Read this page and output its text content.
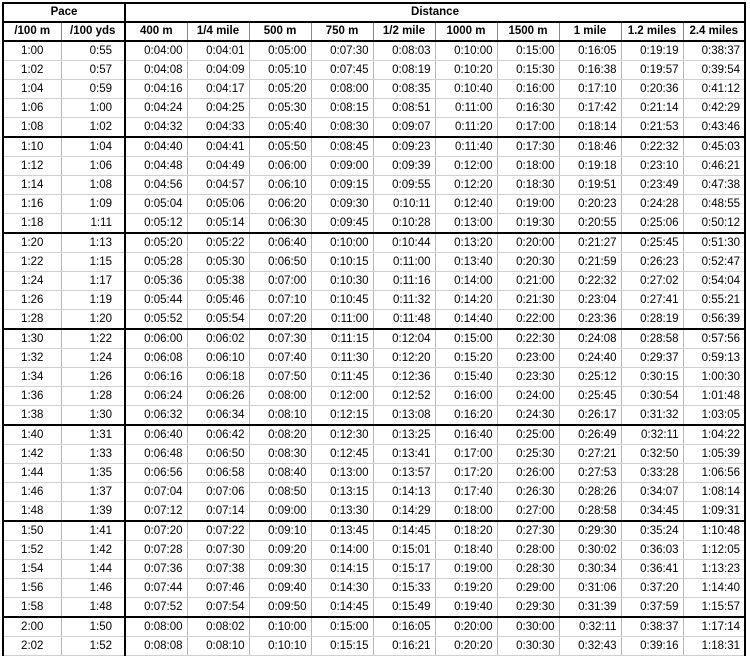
Pace		Distance									
/100 m	/100 yds	400 m	1/4 mile	500 m	750 m	1/2 mile	1000 m	1500 m	1 mile	1.2 miles	2.4 miles
1:00	0:55	0:04:00	0:04:01	0:05:00	0:07:30	0:08:03	0:10:00	0:15:00	0:16:05	0:19:19	0:38:37
1:02	0:57	0:04:08	0:04:09	0:05:10	0:07:45	0:08:19	0:10:20	0:15:30	0:16:38	0:19:57	0:39:54
1:04	0:59	0:04:16	0:04:17	0:05:20	0:08:00	0:08:35	0:10:40	0:16:00	0:17:10	0:20:36	0:41:12
1:06	1:00	0:04:24	0:04:25	0:05:30	0:08:15	0:08:51	0:11:00	0:16:30	0:17:42	0:21:14	0:42:29
1:08	1:02	0:04:32	0:04:33	0:05:40	0:08:30	0:09:07	0:11:20	0:17:00	0:18:14	0:21:53	0:43:46
1:10	1:04	0:04:40	0:04:41	0:05:50	0:08:45	0:09:23	0:11:40	0:17:30	0:18:46	0:22:32	0:45:03
1:12	1:06	0:04:48	0:04:49	0:06:00	0:09:00	0:09:39	0:12:00	0:18:00	0:19:18	0:23:10	0:46:21
1:14	1:08	0:04:56	0:04:57	0:06:10	0:09:15	0:09:55	0:12:20	0:18:30	0:19:51	0:23:49	0:47:38
1:16	1:09	0:05:04	0:05:06	0:06:20	0:09:30	0:10:11	0:12:40	0:19:00	0:20:23	0:24:28	0:48:55
1:18	1:11	0:05:12	0:05:14	0:06:30	0:09:45	0:10:28	0:13:00	0:19:30	0:20:55	0:25:06	0:50:12
1:20	1:13	0:05:20	0:05:22	0:06:40	0:10:00	0:10:44	0:13:20	0:20:00	0:21:27	0:25:45	0:51:30
1:22	1:15	0:05:28	0:05:30	0:06:50	0:10:15	0:11:00	0:13:40	0:20:30	0:21:59	0:26:23	0:52:47
1:24	1:17	0:05:36	0:05:38	0:07:00	0:10:30	0:11:16	0:14:00	0:21:00	0:22:32	0:27:02	0:54:04
1:26	1:19	0:05:44	0:05:46	0:07:10	0:10:45	0:11:32	0:14:20	0:21:30	0:23:04	0:27:41	0:55:21
1:28	1:20	0:05:52	0:05:54	0:07:20	0:11:00	0:11:48	0:14:40	0:22:00	0:23:36	0:28:19	0:56:39
1:30	1:22	0:06:00	0:06:02	0:07:30	0:11:15	0:12:04	0:15:00	0:22:30	0:24:08	0:28:58	0:57:56
1:32	1:24	0:06:08	0:06:10	0:07:40	0:11:30	0:12:20	0:15:20	0:23:00	0:24:40	0:29:37	0:59:13
1:34	1:26	0:06:16	0:06:18	0:07:50	0:11:45	0:12:36	0:15:40	0:23:30	0:25:12	0:30:15	1:00:30
1:36	1:28	0:06:24	0:06:26	0:08:00	0:12:00	0:12:52	0:16:00	0:24:00	0:25:45	0:30:54	1:01:48
1:38	1:30	0:06:32	0:06:34	0:08:10	0:12:15	0:13:08	0:16:20	0:24:30	0:26:17	0:31:32	1:03:05
1:40	1:31	0:06:40	0:06:42	0:08:20	0:12:30	0:13:25	0:16:40	0:25:00	0:26:49	0:32:11	1:04:22
1:42	1:33	0:06:48	0:06:50	0:08:30	0:12:45	0:13:41	0:17:00	0:25:30	0:27:21	0:32:50	1:05:39
1:44	1:35	0:06:56	0:06:58	0:08:40	0:13:00	0:13:57	0:17:20	0:26:00	0:27:53	0:33:28	1:06:56
1:46	1:37	0:07:04	0:07:06	0:08:50	0:13:15	0:14:13	0:17:40	0:26:30	0:28:26	0:34:07	1:08:14
1:48	1:39	0:07:12	0:07:14	0:09:00	0:13:30	0:14:29	0:18:00	0:27:00	0:28:58	0:34:45	1:09:31
1:50	1:41	0:07:20	0:07:22	0:09:10	0:13:45	0:14:45	0:18:20	0:27:30	0:29:30	0:35:24	1:10:48
1:52	1:42	0:07:28	0:07:30	0:09:20	0:14:00	0:15:01	0:18:40	0:28:00	0:30:02	0:36:03	1:12:05
1:54	1:44	0:07:36	0:07:38	0:09:30	0:14:15	0:15:17	0:19:00	0:28:30	0:30:34	0:36:41	1:13:23
1:56	1:46	0:07:44	0:07:46	0:09:40	0:14:30	0:15:33	0:19:20	0:29:00	0:31:06	0:37:20	1:14:40
1:58	1:48	0:07:52	0:07:54	0:09:50	0:14:45	0:15:49	0:19:40	0:29:30	0:31:39	0:37:59	1:15:57
2:00	1:50	0:08:00	0:08:02	0:10:00	0:15:00	0:16:05	0:20:00	0:30:00	0:32:11	0:38:37	1:17:14
2:02	1:52	0:08:08	0:08:10	0:10:10	0:15:15	0:16:21	0:20:20	0:30:30	0:32:43	0:39:16	1:18:31
